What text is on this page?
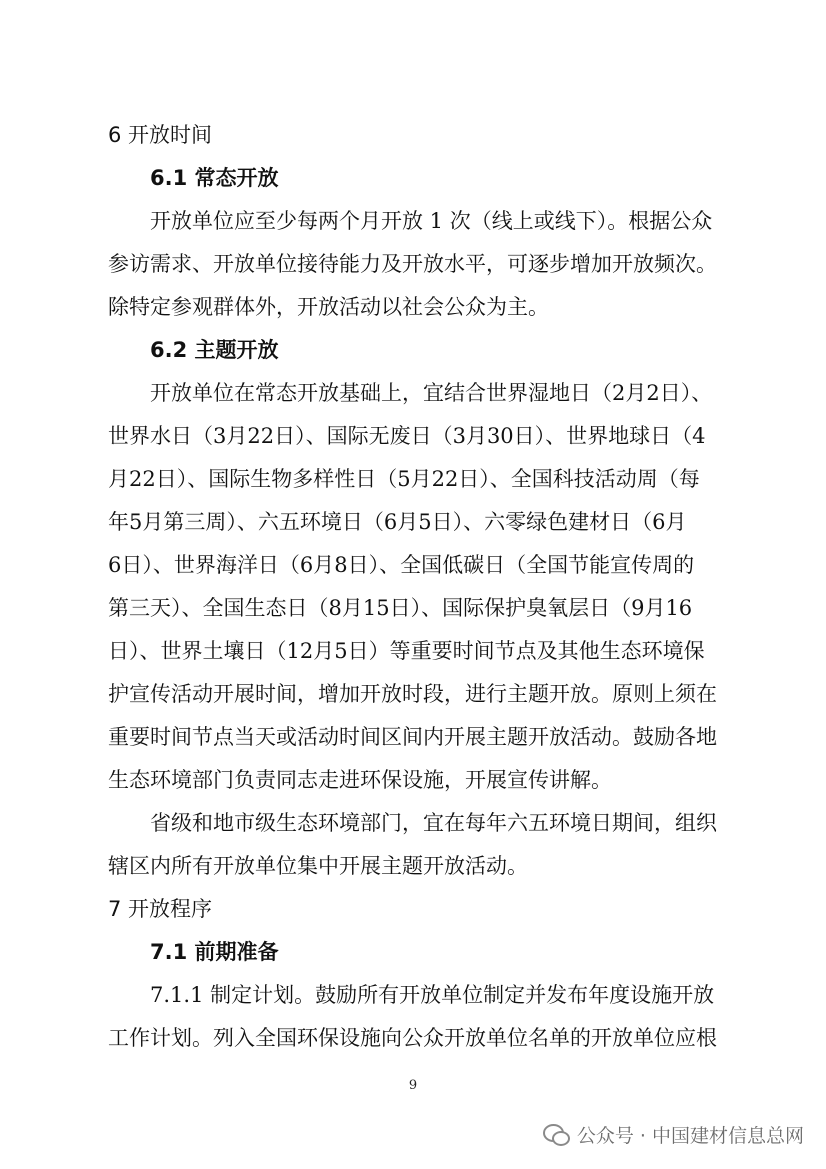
6 开放时间
6.1 常态开放
开放单位应至少每两个月开放 1 次（线上或线下）。根据公众
参访需求、开放单位接待能力及开放水平，可逐步增加开放频次。
除特定参观群体外，开放活动以社会公众为主。
6.2 主题开放
开放单位在常态开放基础上，宜结合世界湿地日（2月2日）、
世界水日（3月22日）、国际无废日（3月30日）、世界地球日（4
月22日）、国际生物多样性日（5月22日）、全国科技活动周（每
年5月第三周）、六五环境日（6月5日）、六零绿色建材日（6月
6日）、世界海洋日（6月8日）、全国低碳日（全国节能宣传周的
第三天）、全国生态日（8月15日）、国际保护臭氧层日（9月16
日）、世界土壤日（12月5日）等重要时间节点及其他生态环境保
护宣传活动开展时间，增加开放时段，进行主题开放。原则上须在
重要时间节点当天或活动时间区间内开展主题开放活动。鼓励各地
生态环境部门负责同志走进环保设施，开展宣传讲解。
省级和地市级生态环境部门，宜在每年六五环境日期间，组织
辖区内所有开放单位集中开展主题开放活动。
7 开放程序
7.1 前期准备
7.1.1 制定计划。鼓励所有开放单位制定并发布年度设施开放
工作计划。列入全国环保设施向公众开放单位名单的开放单位应根
9
公众号 · 中国建材信息总网
